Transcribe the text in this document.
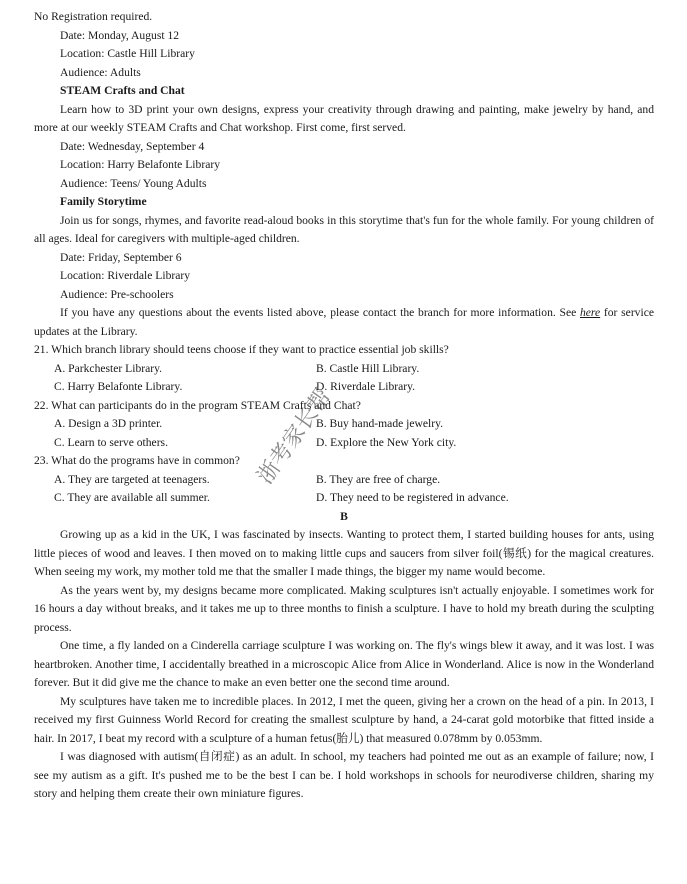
No Registration required.
Date: Monday, August 12
Location: Castle Hill Library
Audience: Adults
STEAM Crafts and Chat
Learn how to 3D print your own designs, express your creativity through drawing and painting, make jewelry by hand, and more at our weekly STEAM Crafts and Chat workshop. First come, first served.
Date: Wednesday, September 4
Location: Harry Belafonte Library
Audience: Teens/ Young Adults
Family Storytime
Join us for songs, rhymes, and favorite read-aloud books in this storytime that's fun for the whole family. For young children of all ages. Ideal for caregivers with multiple-aged children.
Date: Friday, September 6
Location: Riverdale Library
Audience: Pre-schoolers
If you have any questions about the events listed above, please contact the branch for more information. See here for service updates at the Library.
21. Which branch library should teens choose if they want to practice essential job skills?
A. Parkchester Library.	B. Castle Hill Library.
C. Harry Belafonte Library.	D. Riverdale Library.
22. What can participants do in the program STEAM Crafts and Chat?
A. Design a 3D printer.	B. Buy hand-made jewelry.
C. Learn to serve others.	D. Explore the New York city.
23. What do the programs have in common?
A. They are targeted at teenagers.	B. They are free of charge.
C. They are available all summer.	D. They need to be registered in advance.
B
Growing up as a kid in the UK, I was fascinated by insects. Wanting to protect them, I started building houses for ants, using little pieces of wood and leaves. I then moved on to making little cups and saucers from silver foil(锡纸) for the magical creatures. When seeing my work, my mother told me that the smaller I made things, the bigger my name would become.
As the years went by, my designs became more complicated. Making sculptures isn't actually enjoyable. I sometimes work for 16 hours a day without breaks, and it takes me up to three months to finish a sculpture. I have to hold my breath during the sculpting process.
One time, a fly landed on a Cinderella carriage sculpture I was working on. The fly's wings blew it away, and it was lost. I was heartbroken. Another time, I accidentally breathed in a microscopic Alice from Alice in Wonderland. Alice is now in the Wonderland forever. But it did give me the chance to make an even better one the second time around.
My sculptures have taken me to incredible places. In 2012, I met the queen, giving her a crown on the head of a pin. In 2013, I received my first Guinness World Record for creating the smallest sculpture by hand, a 24-carat gold motorbike that fitted inside a hair. In 2017, I beat my record with a sculpture of a human fetus(胎儿) that measured 0.078mm by 0.053mm.
I was diagnosed with autism(自闭症) as an adult. In school, my teachers had pointed me out as an example of failure; now, I see my autism as a gift. It's pushed me to be the best I can be. I hold workshops in schools for neurodiverse children, sharing my story and helping them create their own miniature figures.
浙考家长帮
